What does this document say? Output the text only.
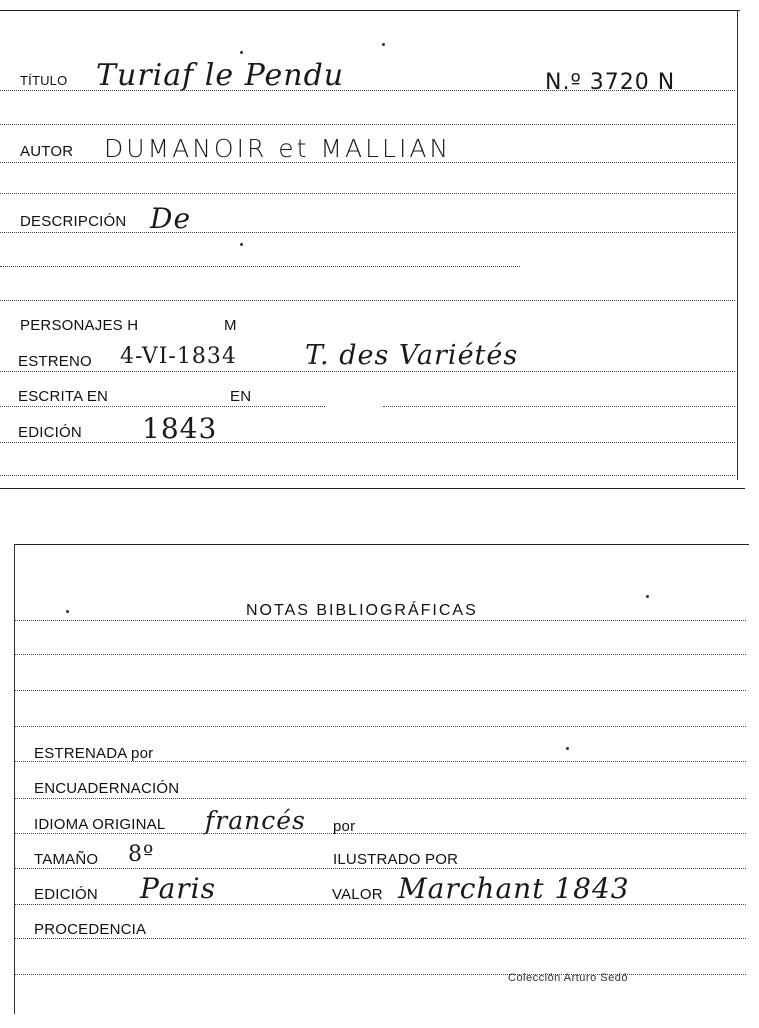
TÍTULO Turiaf le Pendu	N.º 3720 N
AUTOR DUMANOIR et MALLIAN
DESCRIPCIÓN De
PERSONAJES H	M
ESTRENO 4-VI-1834	T. des Variétés
ESCRITA EN	EN
EDICIÓN 1843
NOTAS BIBLIOGRÁFICAS
ESTRENADA por
ENCUADERNACIÓN
IDIOMA ORIGINAL francés por
TAMAÑO 8º	ILUSTRADO POR
EDICIÓN Paris	VALOR Marchant 1843
PROCEDENCIA
Colección Arturo Sedó
